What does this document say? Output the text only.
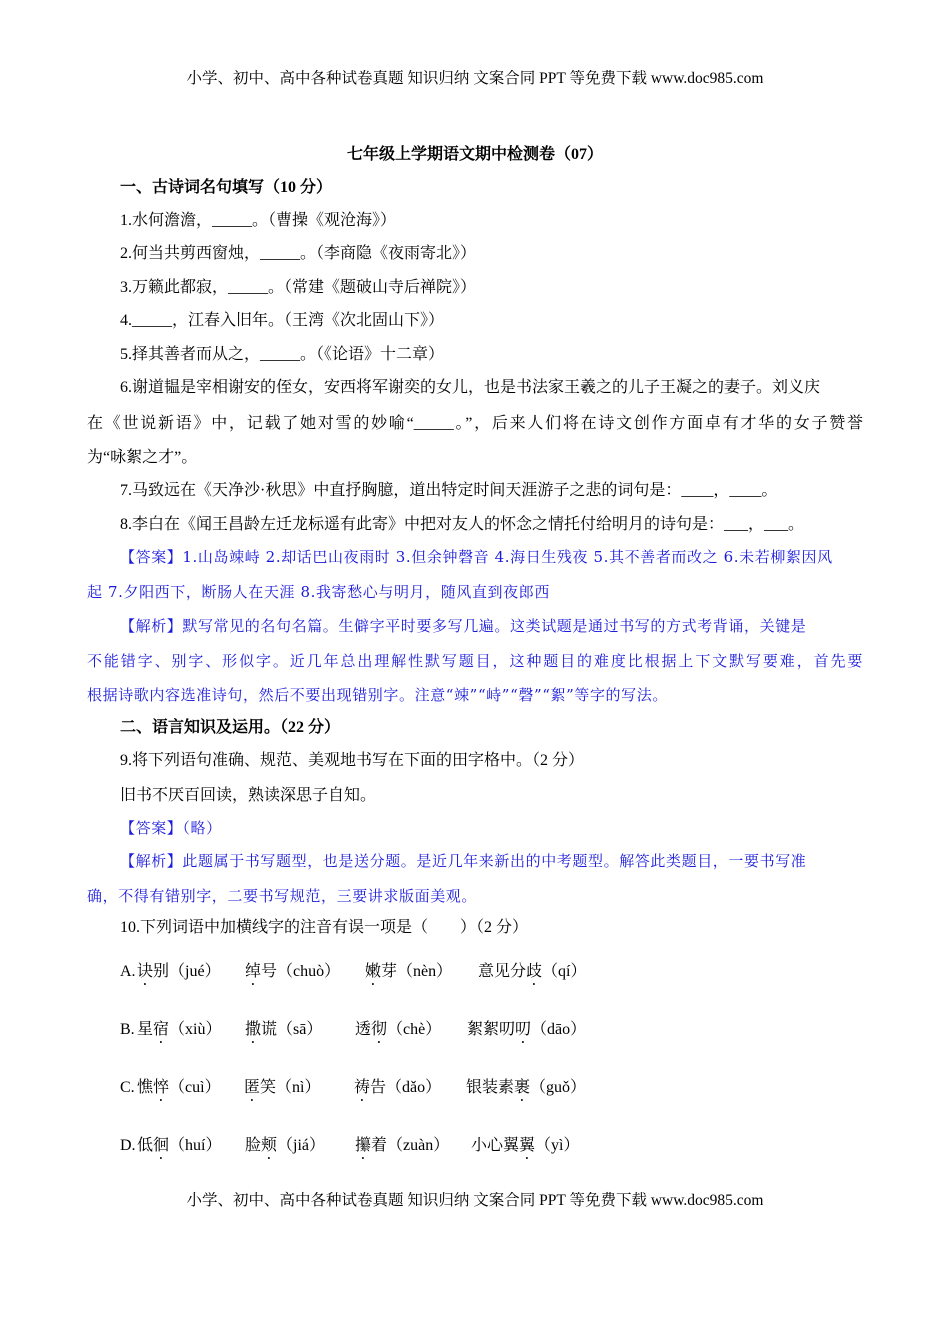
小学、初中、高中各种试卷真题 知识归纳 文案合同 PPT 等免费下载 www.doc985.com
七年级上学期语文期中检测卷（07）
一、古诗词名句填写（10 分）
1.水何澹澹，_____。（曹操《观沧海》）
2.何当共剪西窗烛，_____。（李商隐《夜雨寄北》）
3.万籁此都寂，_____。（常建《题破山寺后禅院》）
4._____，江春入旧年。（王湾《次北固山下》）
5.择其善者而从之，_____。（《论语》十二章）
6.谢道韫是宰相谢安的侄女，安西将军谢奕的女儿，也是书法家王羲之的儿子王凝之的妻子。刘义庆
在《世说新语》中，记载了她对雪的妙喻“_____。”，后来人们将在诗文创作方面卓有才华的女子赞誉
为“咏絮之才”。
7.马致远在《天净沙·秋思》中直抒胸臆，道出特定时间天涯游子之悲的词句是：____，____。
8.李白在《闻王昌龄左迁龙标遥有此寄》中把对友人的怀念之情托付给明月的诗句是：___，___。
【答案】1.山岛竦峙 2.却话巴山夜雨时 3.但余钟磬音 4.海日生残夜 5.其不善者而改之 6.未若柳絮因风
起 7.夕阳西下，断肠人在天涯 8.我寄愁心与明月，随风直到夜郎西
【解析】默写常见的名句名篇。生僻字平时要多写几遍。这类试题是通过书写的方式考背诵，关键是
不能错字、别字、形似字。近几年总出理解性默写题目，这种题目的难度比根据上下文默写要难，首先要
根据诗歌内容选准诗句，然后不要出现错别字。注意“竦”“峙”“磬”“絮”等字的写法。
二、语言知识及运用。（22 分）
9.将下列语句准确、规范、美观地书写在下面的田字格中。（2 分）
旧书不厌百回读，熟读深思子自知。
【答案】（略）
【解析】此题属于书写题型，也是送分题。是近几年来新出的中考题型。解答此类题目，一要书写准
确，不得有错别字，二要书写规范，三要讲求版面美观。
10.下列词语中加横线字的注音有误一项是（　　）（2 分）
A. 诀别（jué） 绰号（chuò） 嫩芽（nèn） 意见分歧（qí）
B. 星宿（xiù） 撒谎（sā） 透彻（chè） 絮絮叨叨（dāo）
C. 憔悴（cuì） 匿笑（nì） 祷告（dǎo） 银装素裹（guǒ）
D. 低徊（huí） 脸颊（jiá） 攥着（zuàn） 小心翼翼（yì）
小学、初中、高中各种试卷真题 知识归纳 文案合同 PPT 等免费下载 www.doc985.com
